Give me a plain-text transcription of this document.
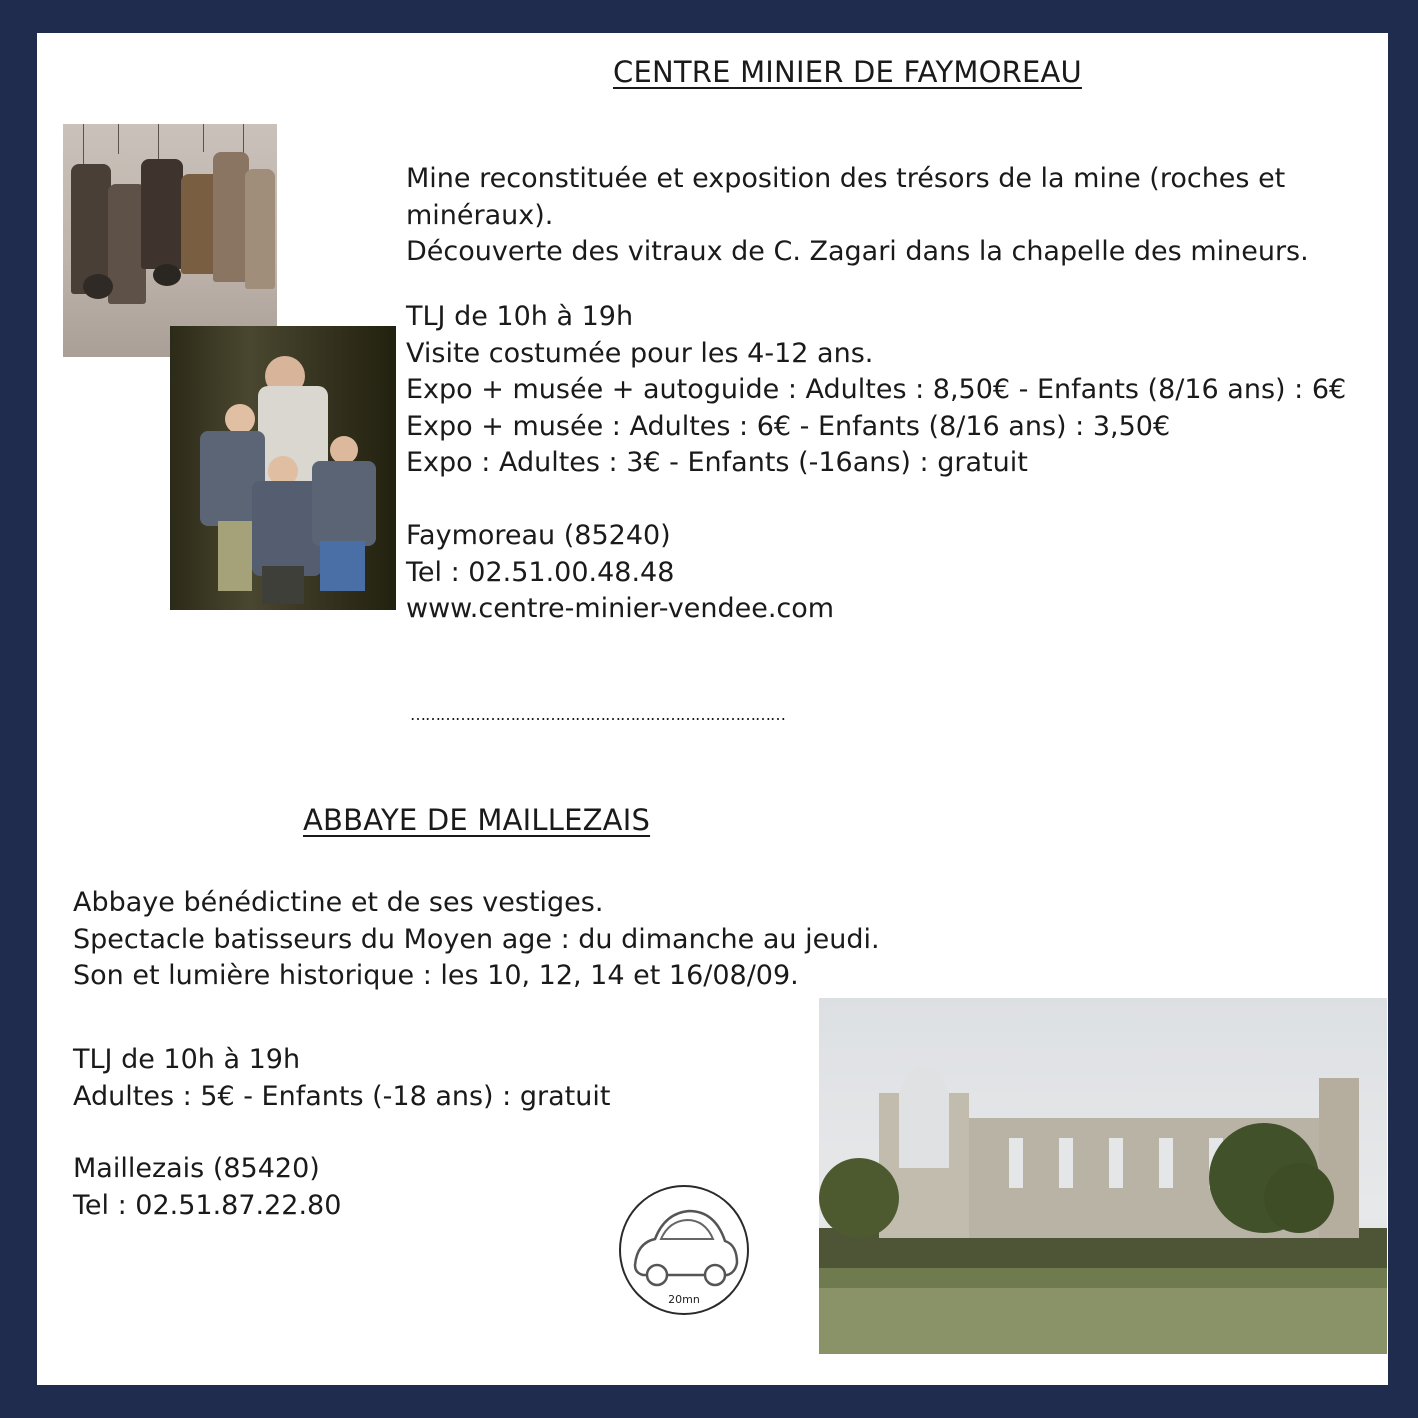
CENTRE MINIER DE FAYMOREAU
Mine reconstituée et exposition des trésors de la mine (roches et
minéraux).
Découverte des vitraux de C. Zagari dans la chapelle des mineurs.
TLJ de 10h à 19h
Visite costumée pour les 4-12 ans.
Expo + musée + autoguide : Adultes : 8,50€ - Enfants (8/16 ans) : 6€
Expo + musée : Adultes : 6€ - Enfants (8/16 ans) : 3,50€
Expo : Adultes : 3€ - Enfants (-16ans) : gratuit
Faymoreau (85240)
Tel : 02.51.00.48.48
www.centre-minier-vendee.com
…………………………………………………………………
ABBAYE DE MAILLEZAIS
Abbaye bénédictine et de ses vestiges.
Spectacle batisseurs du Moyen age : du dimanche au jeudi.
Son et lumière historique : les 10, 12, 14 et 16/08/09.
TLJ de 10h à 19h
Adultes : 5€ - Enfants (-18 ans) : gratuit
Maillezais (85420)
Tel : 02.51.87.22.80
20mn
